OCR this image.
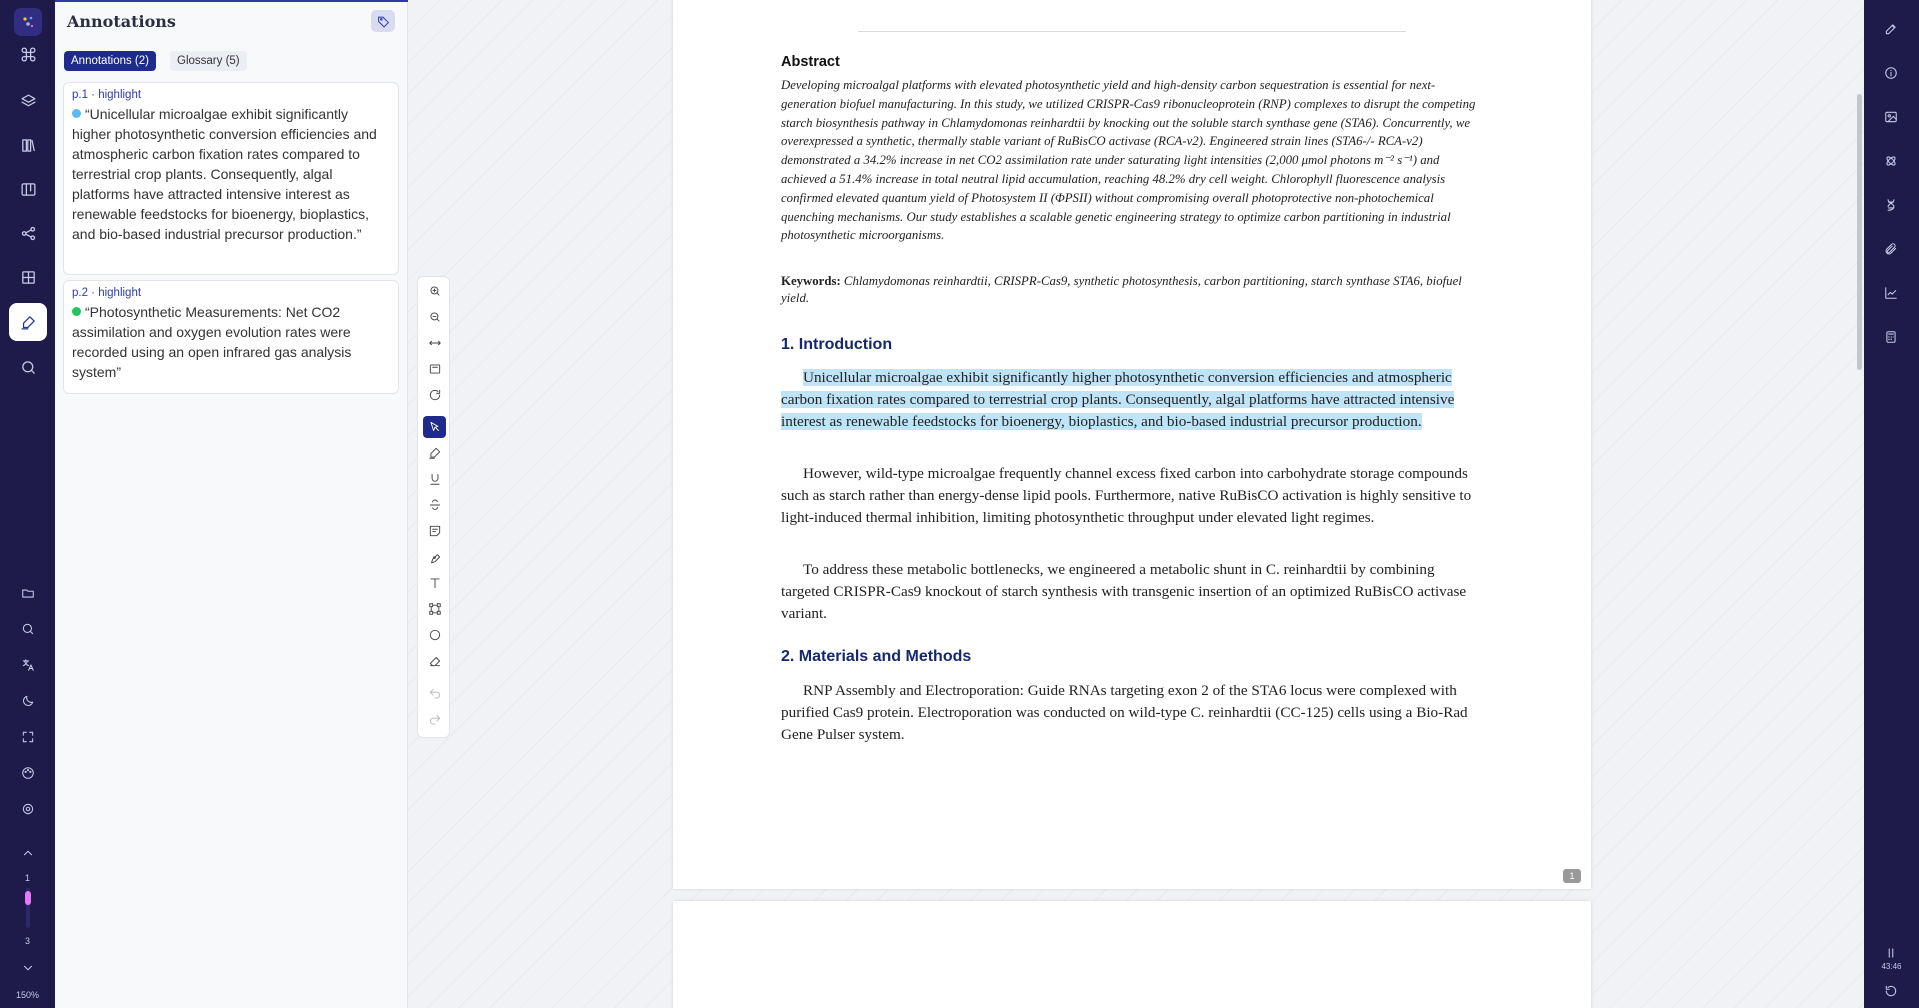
1
3
150%
Annotations
Annotations (2)	Glossary (5)
p.1 · highlight
“Unicellular microalgae exhibit significantly higher photosynthetic conversion efficiencies and atmospheric carbon fixation rates compared to terrestrial crop plants. Consequently, algal platforms have attracted intensive interest as renewable feedstocks for bioenergy, bioplastics, and bio-based industrial precursor production.”
p.2 · highlight
“Photosynthetic Measurements: Net CO2 assimilation and oxygen evolution rates were recorded using an open infrared gas analysis system”
Abstract
Developing microalgal platforms with elevated photosynthetic yield and high-density carbon sequestration is essential for next-generation biofuel manufacturing. In this study, we utilized CRISPR-Cas9 ribonucleoprotein (RNP) complexes to disrupt the competing starch biosynthesis pathway in Chlamydomonas reinhardtii by knocking out the soluble starch synthase gene (STA6). Concurrently, we overexpressed a synthetic, thermally stable variant of RuBisCO activase (RCA-v2). Engineered strain lines (STA6-/- RCA-v2) demonstrated a 34.2% increase in net CO2 assimilation rate under saturating light intensities (2,000 μmol photons m⁻² s⁻¹) and achieved a 51.4% increase in total neutral lipid accumulation, reaching 48.2% dry cell weight. Chlorophyll fluorescence analysis confirmed elevated quantum yield of Photosystem II (ΦPSII) without compromising overall photoprotective non-photochemical quenching mechanisms. Our study establishes a scalable genetic engineering strategy to optimize carbon partitioning in industrial photosynthetic microorganisms.
Keywords: Chlamydomonas reinhardtii, CRISPR-Cas9, synthetic photosynthesis, carbon partitioning, starch synthase STA6, biofuel yield.
1. Introduction
Unicellular microalgae exhibit significantly higher photosynthetic conversion efficiencies and atmospheric carbon fixation rates compared to terrestrial crop plants. Consequently, algal platforms have attracted intensive interest as renewable feedstocks for bioenergy, bioplastics, and bio-based industrial precursor production.
However, wild-type microalgae frequently channel excess fixed carbon into carbohydrate storage compounds such as starch rather than energy-dense lipid pools. Furthermore, native RuBisCO activation is highly sensitive to light-induced thermal inhibition, limiting photosynthetic throughput under elevated light regimes.
To address these metabolic bottlenecks, we engineered a metabolic shunt in C. reinhardtii by combining targeted CRISPR-Cas9 knockout of starch synthesis with transgenic insertion of an optimized RuBisCO activase variant.
2. Materials and Methods
RNP Assembly and Electroporation: Guide RNAs targeting exon 2 of the STA6 locus were complexed with purified Cas9 protein. Electroporation was conducted on wild-type C. reinhardtii (CC-125) cells using a Bio-Rad Gene Pulser system.
1
43:46
